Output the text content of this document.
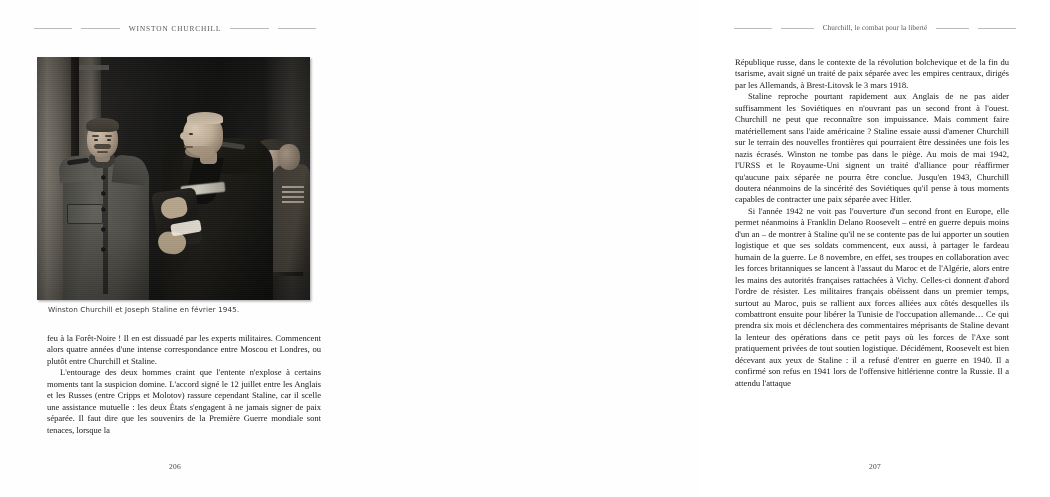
WINSTON CHURCHILL
Winston Churchill et Joseph Staline en février 1945.

feu à la Forêt-Noire ! Il en est dissuadé par les experts militaires. Commencent alors quatre années d'une intense correspondance entre Moscou et Londres, ou plutôt entre Churchill et Staline.

L'entourage des deux hommes craint que l'entente n'explose à certains moments tant la suspicion domine. L'accord signé le 12 juillet entre les Anglais et les Russes (entre Cripps et Molotov) rassure cependant Staline, car il scelle une assistance mutuelle : les deux États s'engagent à ne jamais signer de paix séparée. Il faut dire que les souvenirs de la Première Guerre mondiale sont tenaces, lorsque la

206
Churchill, le combat pour la liberté

République russe, dans le contexte de la révolution bolchevique et de la fin du tsarisme, avait signé un traité de paix séparée avec les empires centraux, dirigés par les Allemands, à Brest-Litovsk le 3 mars 1918.

Staline reproche pourtant rapidement aux Anglais de ne pas aider suffisamment les Soviétiques en n'ouvrant pas un second front à l'ouest. Churchill ne peut que reconnaître son impuissance. Mais comment faire matériellement sans l'aide américaine ? Staline essaie aussi d'amener Churchill sur le terrain des nouvelles frontières qui pourraient être dessinées une fois les nazis écrasés. Winston ne tombe pas dans le piège. Au mois de mai 1942, l'URSS et le Royaume-Uni signent un traité d'alliance pour réaffirmer qu'aucune paix séparée ne pourra être conclue. Jusqu'en 1943, Churchill doutera néanmoins de la sincérité des Soviétiques qu'il pense à tous moments capables de contracter une paix séparée avec Hitler.

Si l'année 1942 ne voit pas l'ouverture d'un second front en Europe, elle permet néanmoins à Franklin Delano Roosevelt – entré en guerre depuis moins d'un an – de montrer à Staline qu'il ne se contente pas de lui apporter un soutien logistique et que ses soldats commencent, eux aussi, à partager le fardeau humain de la guerre. Le 8 novembre, en effet, ses troupes en collaboration avec les forces britanniques se lancent à l'assaut du Maroc et de l'Algérie, alors entre les mains des autorités françaises rattachées à Vichy. Celles-ci donnent d'abord l'ordre de résister. Les militaires français obéissent dans un premier temps, surtout au Maroc, puis se rallient aux forces alliées aux côtés desquelles ils combattront ensuite pour libérer la Tunisie de l'occupation allemande… Ce qui prendra six mois et déclenchera des commentaires méprisants de Staline devant la lenteur des opérations dans ce petit pays où les forces de l'Axe sont pratiquement privées de tout soutien logistique. Décidément, Roosevelt est bien décevant aux yeux de Staline : il a refusé d'entrer en guerre en 1940. Il a confirmé son refus en 1941 lors de l'offensive hitlérienne contre la Russie. Il a attendu l'attaque

207
